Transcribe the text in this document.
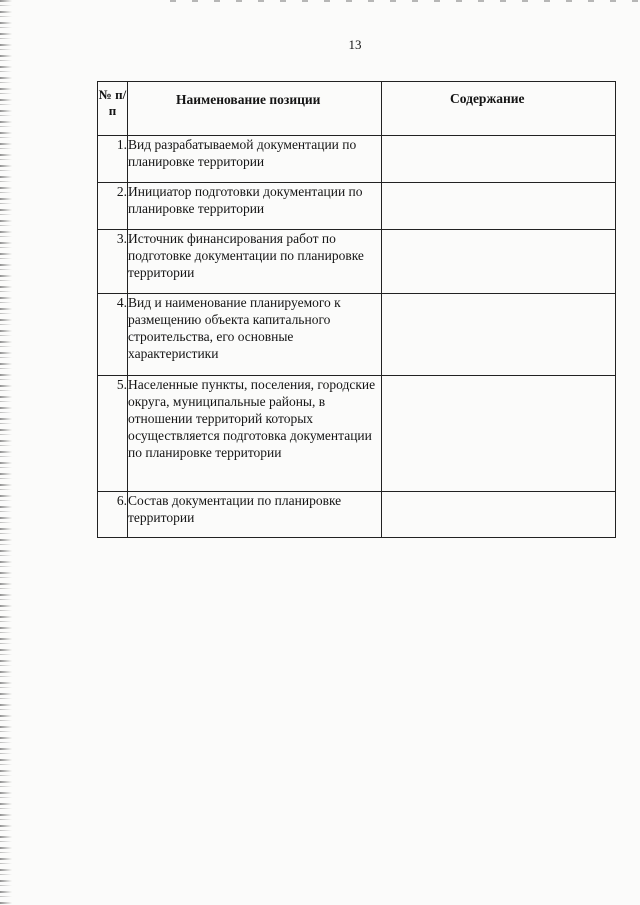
13
№ п/п	Наименование позиции	Содержание
1.	Вид разрабатываемой документации по планировке территории	
2.	Инициатор подготовки документации по планировке территории	
3.	Источник финансирования работ по подготовке документации по планировке территории	
4.	Вид и наименование планируемого к размещению объекта капитального строительства, его основные характеристики	
5.	Населенные пункты, поселения, городские округа, муниципальные районы, в отношении территорий которых осуществляется подготовка документации по планировке территории	
6.	Состав документации по планировке территории	
